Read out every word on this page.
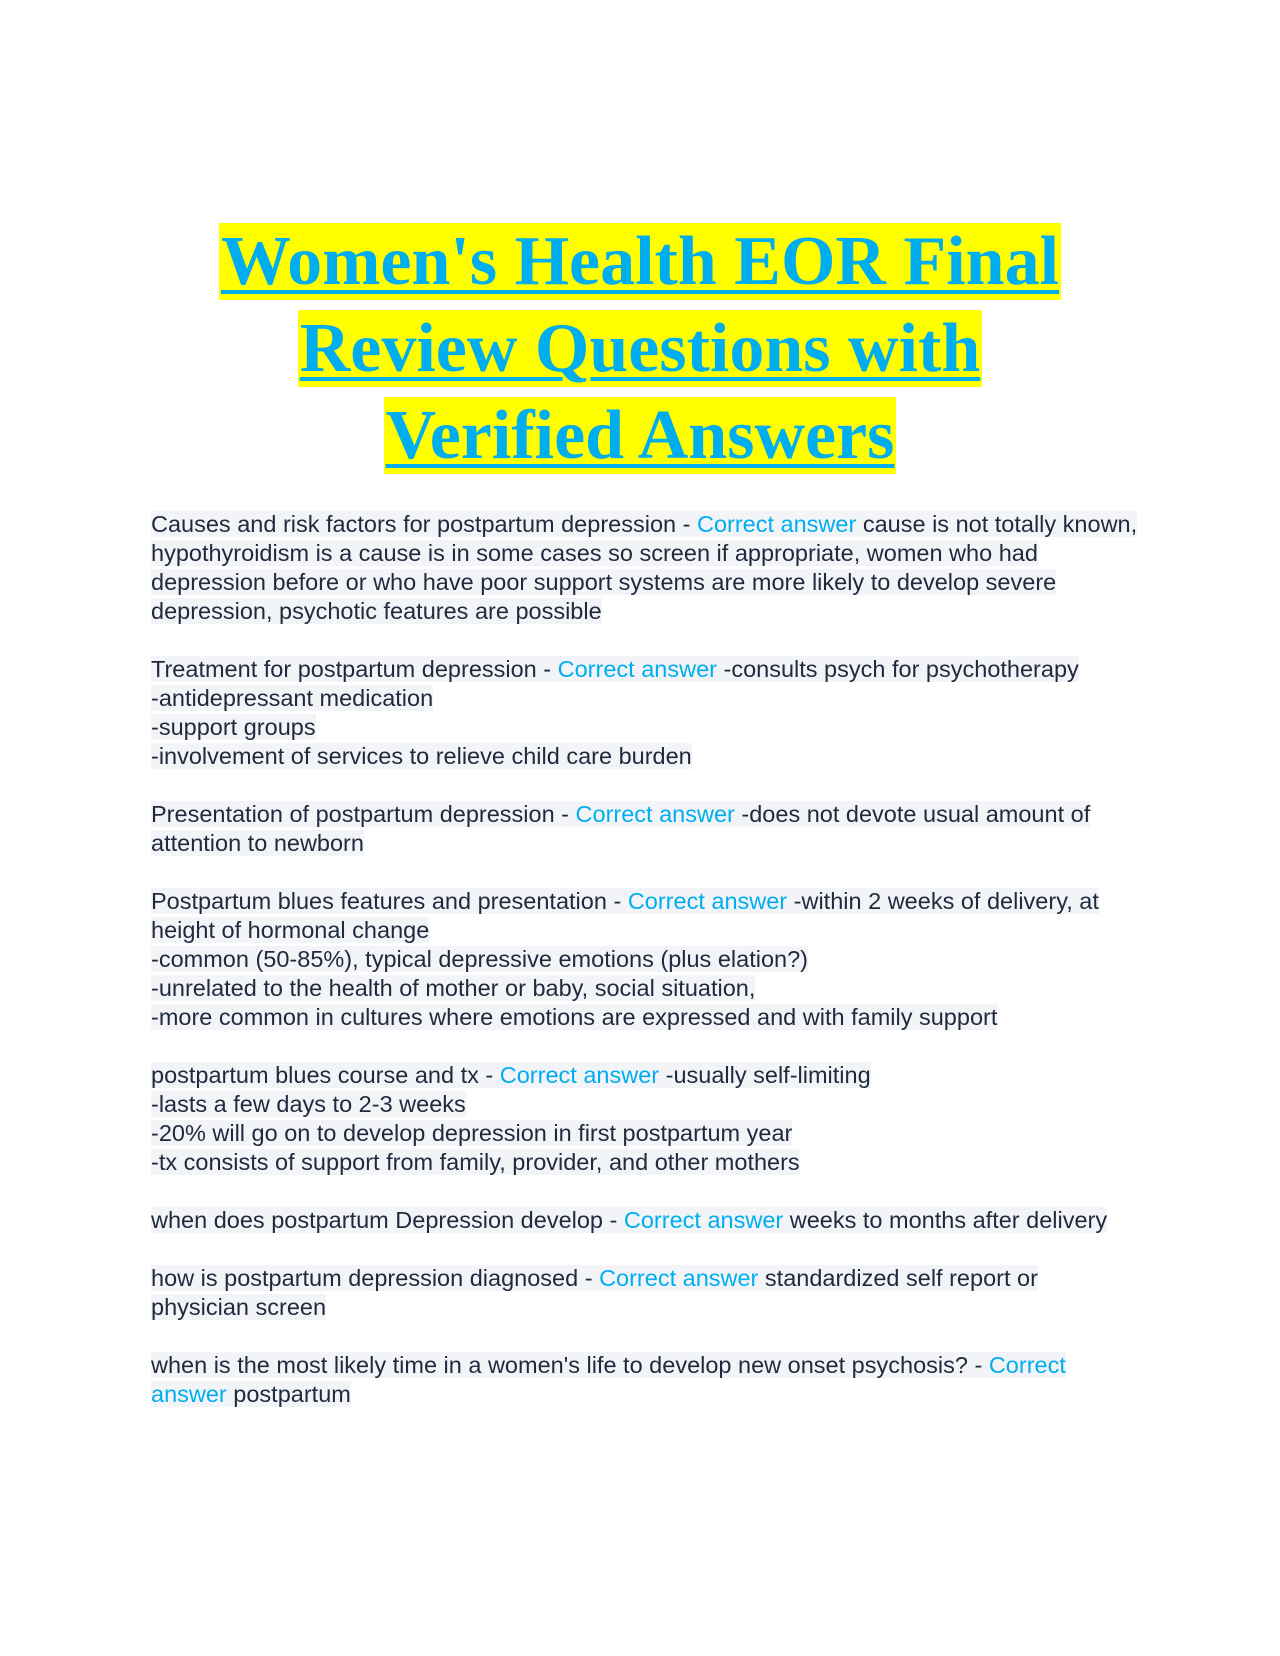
Women's Health EOR Final
Review Questions with
Verified Answers
Causes and risk factors for postpartum depression - Correct answer cause is not totally known, hypothyroidism is a cause is in some cases so screen if appropriate, women who had depression before or who have poor support systems are more likely to develop severe depression, psychotic features are possible
Treatment for postpartum depression - Correct answer -consults psych for psychotherapy
-antidepressant medication
-support groups
-involvement of services to relieve child care burden
Presentation of postpartum depression - Correct answer -does not devote usual amount of attention to newborn
Postpartum blues features and presentation - Correct answer -within 2 weeks of delivery, at height of hormonal change
-common (50-85%), typical depressive emotions (plus elation?)
-unrelated to the health of mother or baby, social situation,
-more common in cultures where emotions are expressed and with family support
postpartum blues course and tx - Correct answer -usually self-limiting
-lasts a few days to 2-3 weeks
-20% will go on to develop depression in first postpartum year
-tx consists of support from family, provider, and other mothers
when does postpartum Depression develop - Correct answer weeks to months after delivery
how is postpartum depression diagnosed - Correct answer standardized self report or physician screen
when is the most likely time in a women's life to develop new onset psychosis? - Correct answer postpartum
